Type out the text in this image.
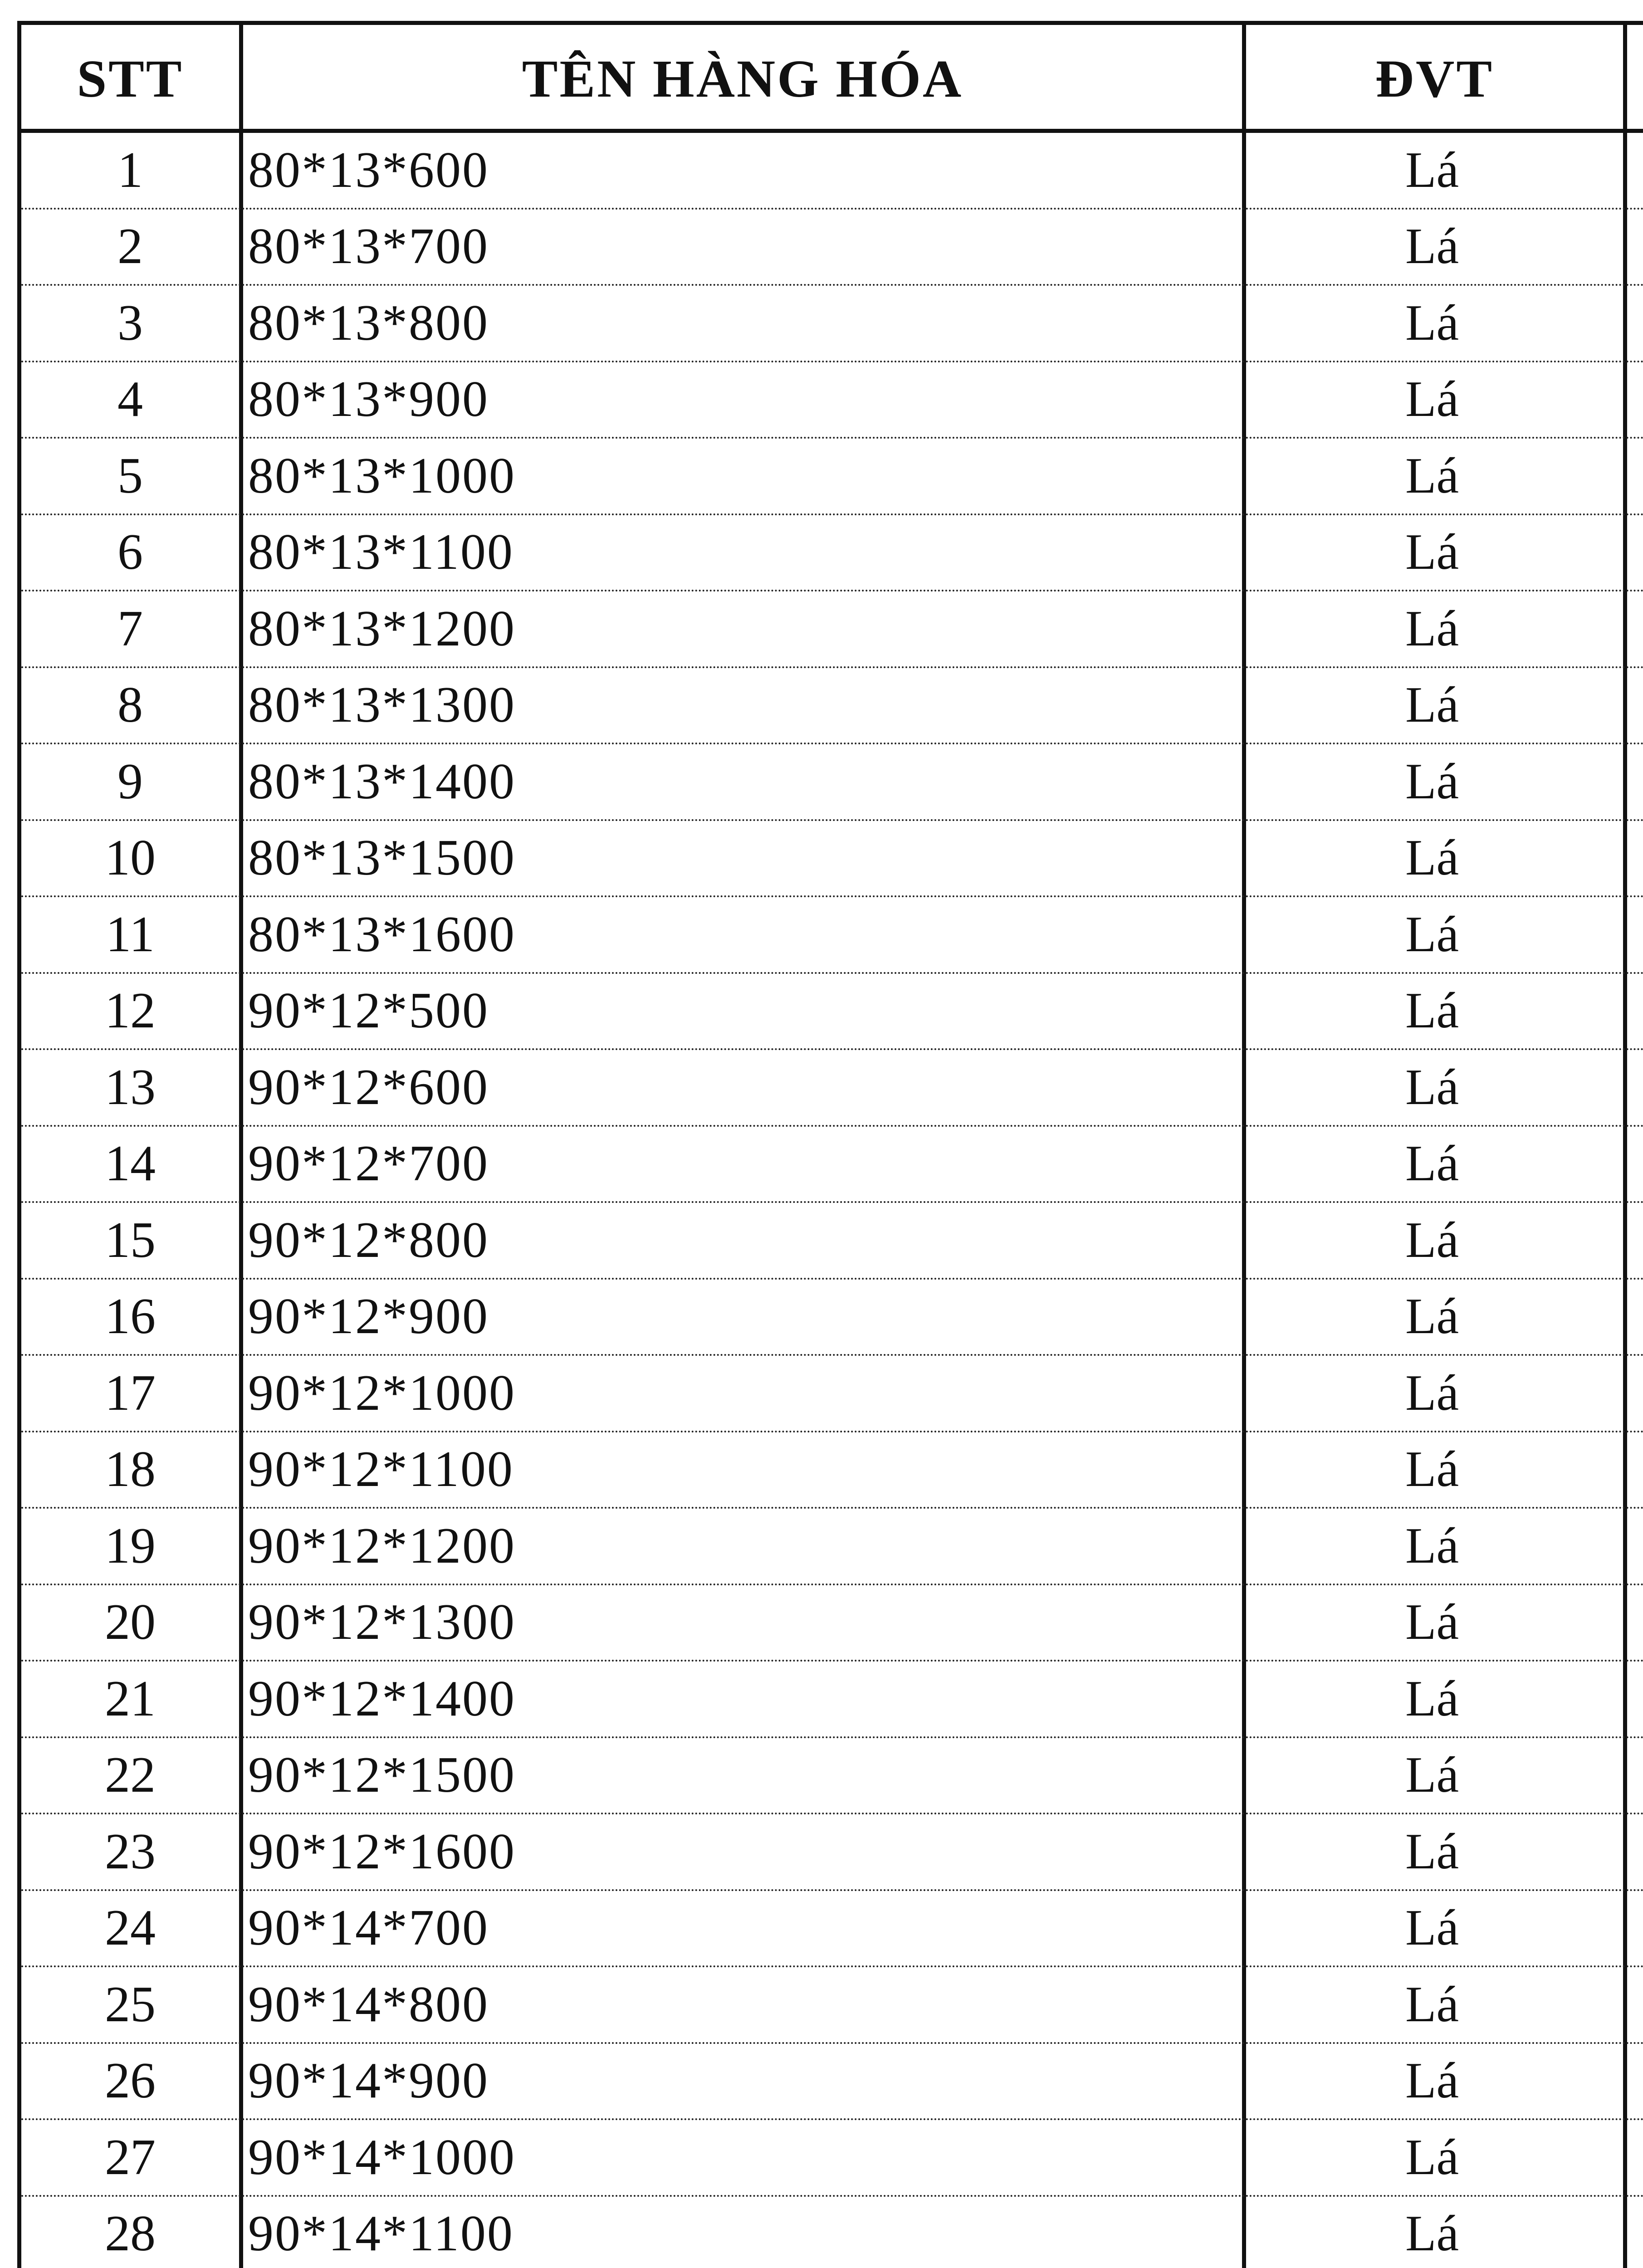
STT	TÊN HÀNG HÓA	ĐVT
1	80*13*600	Lá
2	80*13*700	Lá
3	80*13*800	Lá
4	80*13*900	Lá
5	80*13*1000	Lá
6	80*13*1100	Lá
7	80*13*1200	Lá
8	80*13*1300	Lá
9	80*13*1400	Lá
10	80*13*1500	Lá
11	80*13*1600	Lá
12	90*12*500	Lá
13	90*12*600	Lá
14	90*12*700	Lá
15	90*12*800	Lá
16	90*12*900	Lá
17	90*12*1000	Lá
18	90*12*1100	Lá
19	90*12*1200	Lá
20	90*12*1300	Lá
21	90*12*1400	Lá
22	90*12*1500	Lá
23	90*12*1600	Lá
24	90*14*700	Lá
25	90*14*800	Lá
26	90*14*900	Lá
27	90*14*1000	Lá
28	90*14*1100	Lá
